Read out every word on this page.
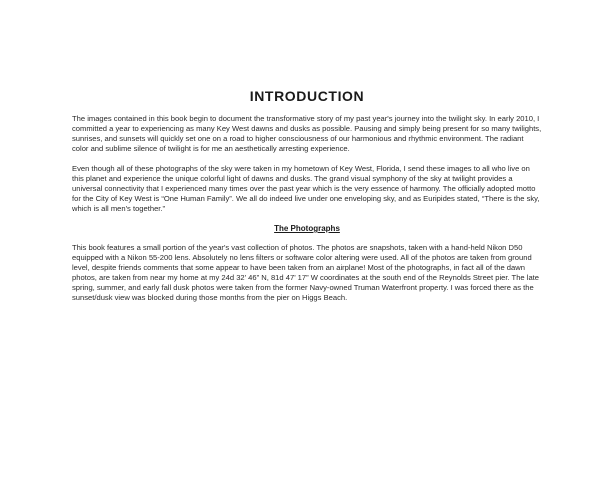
INTRODUCTION

The images contained in this book begin to document the transformative story of my past year's journey into the twilight sky. In early 2010, I committed a year to experiencing as many Key West dawns and dusks as possible. Pausing and simply being present for so many twilights, sunrises, and sunsets will quickly set one on a road to higher consciousness of our harmonious and rhythmic environment. The radiant color and sublime silence of twilight is for me an aesthetically arresting experience.

Even though all of these photographs of the sky were taken in my hometown of Key West, Florida, I send these images to all who live on this planet and experience the unique colorful light of dawns and dusks. The grand visual symphony of the sky at twilight provides a universal connectivity that I experienced many times over the past year which is the very essence of harmony. The officially adopted motto for the City of Key West is “One Human Family”. We all do indeed live under one enveloping sky, and as Euripides stated, “There is the sky, which is all men's together.”

The Photographs

This book features a small portion of the year's vast collection of photos. The photos are snapshots, taken with a hand-held Nikon D50 equipped with a Nikon 55-200 lens. Absolutely no lens filters or software color altering were used. All of the photos are taken from ground level, despite friends comments that some appear to have been taken from an airplane! Most of the photographs, in fact all of the dawn photos, are taken from near my home at my 24d 32’ 46” N, 81d 47’ 17” W coordinates at the south end of the Reynolds Street pier. The late spring, summer, and early fall dusk photos were taken from the former Navy-owned Truman Waterfront property. I was forced there as the sunset/dusk view was blocked during those months from the pier on Higgs Beach.
